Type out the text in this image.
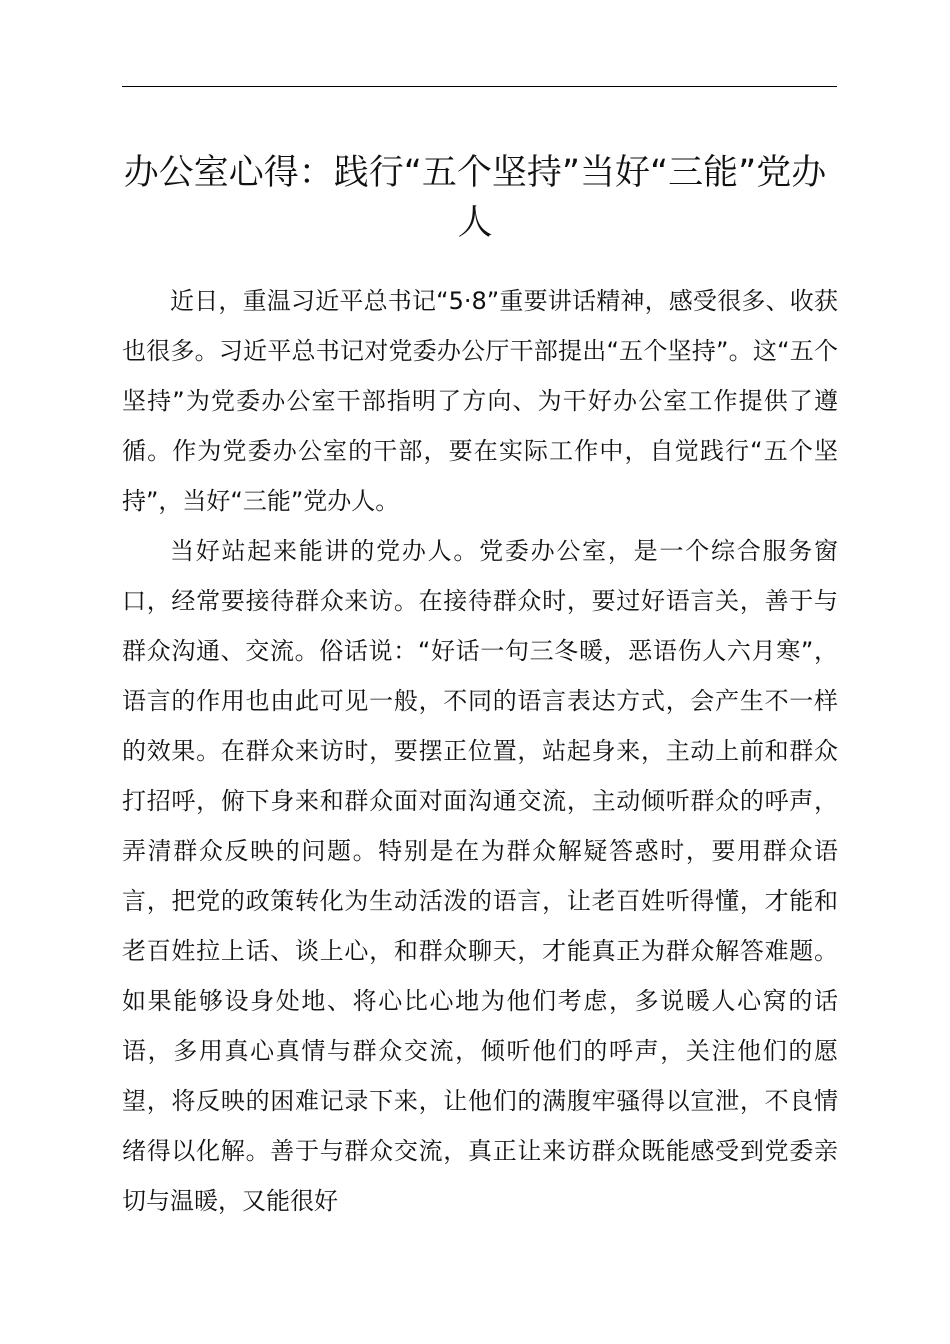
办公室心得：践行“五个坚持”当好“三能”党办人

近日，重温习近平总书记“5·8”重要讲话精神，感受很多、收获也很多。习近平总书记对党委办公厅干部提出“五个坚持”。这“五个坚持”为党委办公室干部指明了方向、为干好办公室工作提供了遵循。作为党委办公室的干部，要在实际工作中，自觉践行“五个坚持”，当好“三能”党办人。

当好站起来能讲的党办人。党委办公室，是一个综合服务窗口，经常要接待群众来访。在接待群众时，要过好语言关，善于与群众沟通、交流。俗话说：“好话一句三冬暖，恶语伤人六月寒”，语言的作用也由此可见一般，不同的语言表达方式，会产生不一样的效果。在群众来访时，要摆正位置，站起身来，主动上前和群众打招呼，俯下身来和群众面对面沟通交流，主动倾听群众的呼声，弄清群众反映的问题。特别是在为群众解疑答惑时，要用群众语言，把党的政策转化为生动活泼的语言，让老百姓听得懂，才能和老百姓拉上话、谈上心，和群众聊天，才能真正为群众解答难题。如果能够设身处地、将心比心地为他们考虑，多说暖人心窝的话语，多用真心真情与群众交流，倾听他们的呼声，关注他们的愿望，将反映的困难记录下来，让他们的满腹牢骚得以宣泄，不良情绪得以化解。善于与群众交流，真正让来访群众既能感受到党委亲切与温暖，又能很好
